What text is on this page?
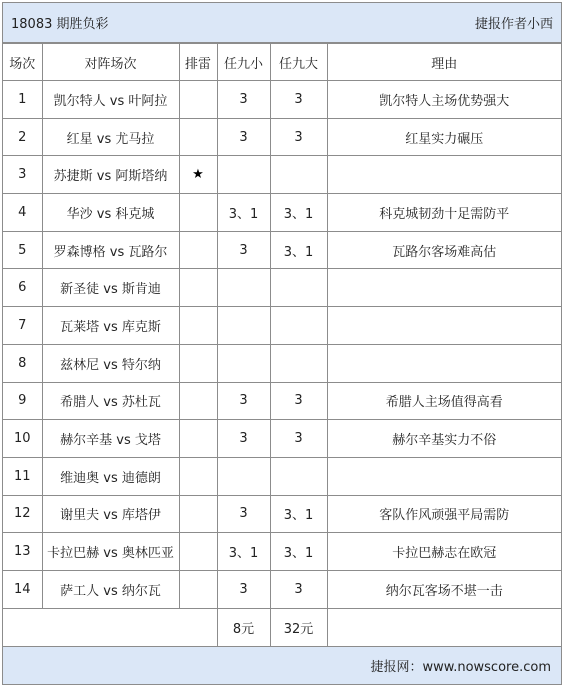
18083 期胜负彩	捷报作者小西
场次	对阵场次	排雷	任九小	任九大	理由
1	凯尔特人 vs 叶阿拉		3	3	凯尔特人主场优势强大
2	红星 vs 尤马拉		3	3	红星实力碾压
3	苏捷斯 vs 阿斯塔纳	★			
4	华沙 vs 科克城		3、1	3、1	科克城韧劲十足需防平
5	罗森博格 vs 瓦路尔		3	3、1	瓦路尔客场难高估
6	新圣徒 vs 斯肯迪				
7	瓦莱塔 vs 库克斯				
8	兹林尼 vs 特尔纳				
9	希腊人 vs 苏杜瓦		3	3	希腊人主场值得高看
10	赫尔辛基 vs 戈塔		3	3	赫尔辛基实力不俗
11	维迪奥 vs 迪德朗				
12	谢里夫 vs 库塔伊		3	3、1	客队作风顽强平局需防
13	卡拉巴赫 vs 奥林匹亚		3、1	3、1	卡拉巴赫志在欧冠
14	萨工人 vs 纳尔瓦		3	3	纳尔瓦客场不堪一击
			8元	32元	
捷报网：www.nowscore.com
